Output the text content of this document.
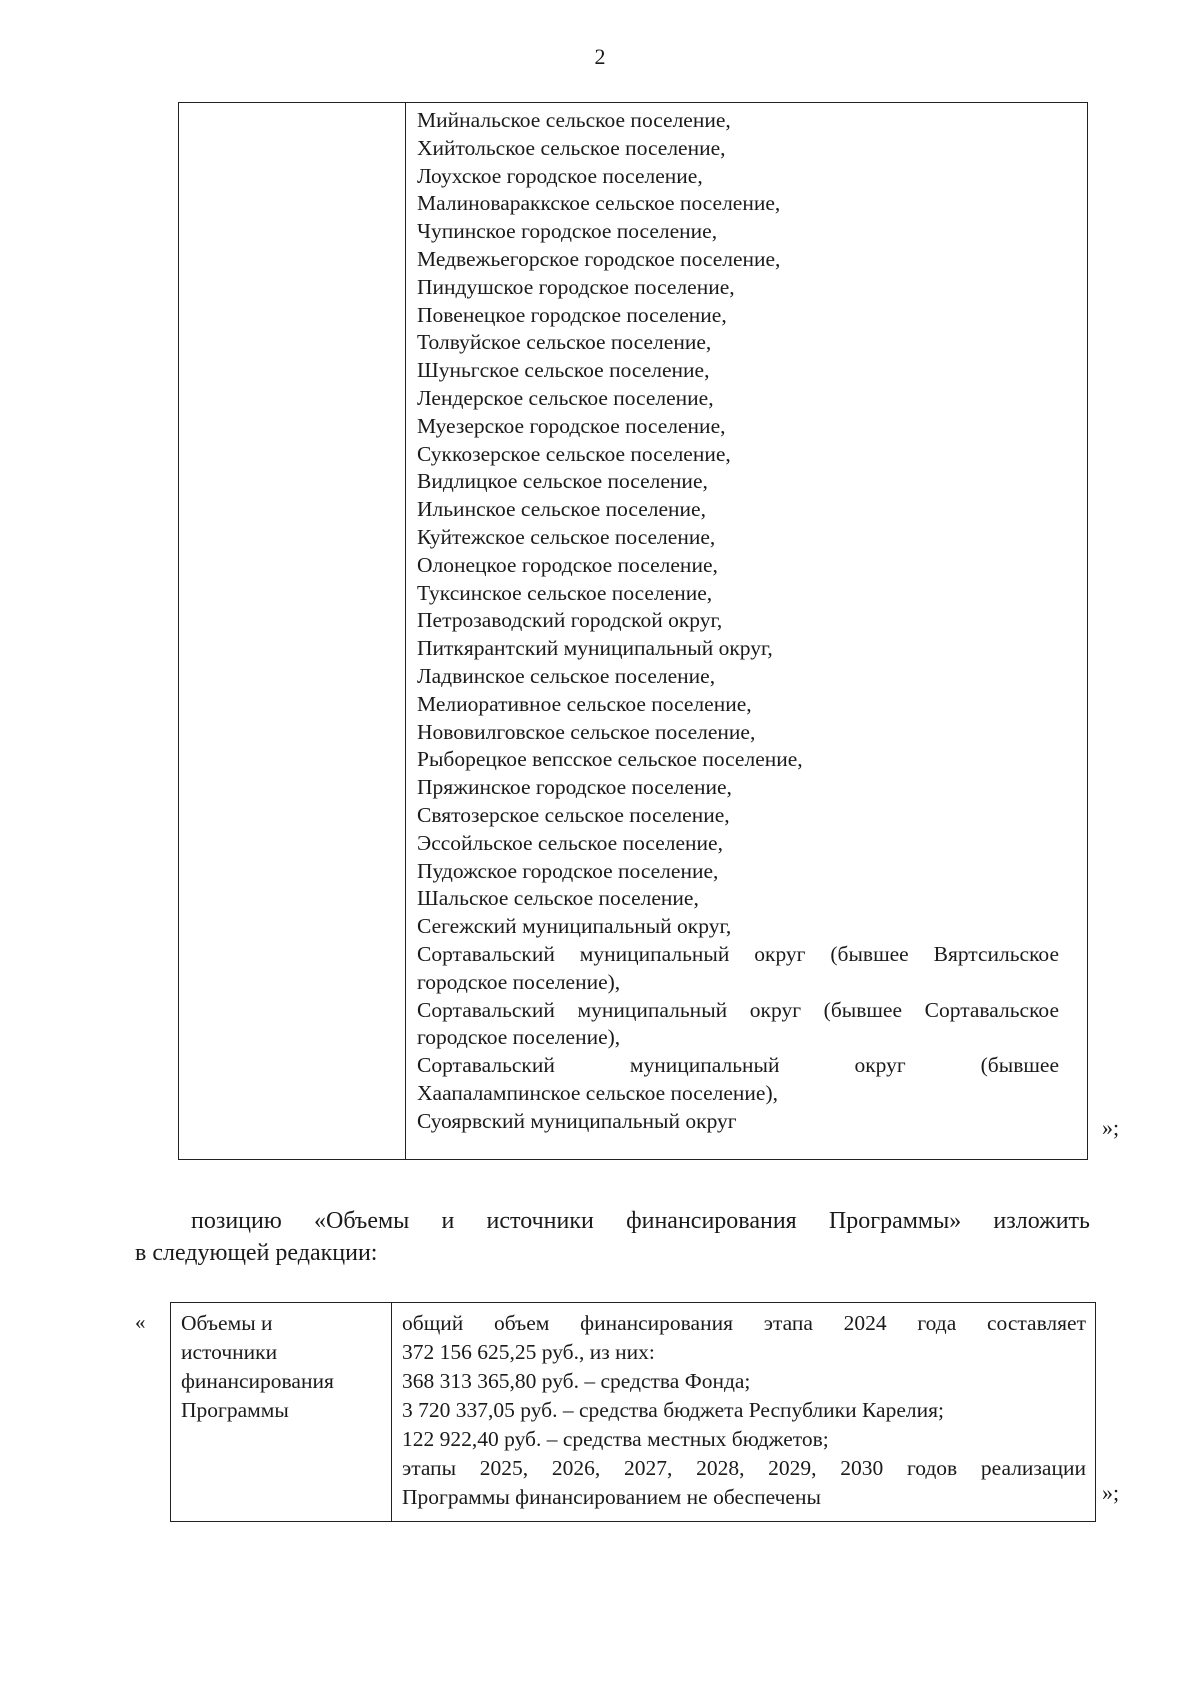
2
Мийнальское сельское поселение,
Хийтольское сельское поселение,
Лоухское городское поселение,
Малиновараккское сельское поселение,
Чупинское городское поселение,
Медвежьегорское городское поселение,
Пиндушское городское поселение,
Повенецкое городское поселение,
Толвуйское сельское поселение,
Шуньгское сельское поселение,
Лендерское сельское поселение,
Муезерское городское поселение,
Суккозерское сельское поселение,
Видлицкое сельское поселение,
Ильинское сельское поселение,
Куйтежское сельское поселение,
Олонецкое городское поселение,
Туксинское сельское поселение,
Петрозаводский городской округ,
Питкярантский муниципальный округ,
Ладвинское сельское поселение,
Мелиоративное сельское поселение,
Нововилговское сельское поселение,
Рыборецкое вепсское сельское поселение,
Пряжинское городское поселение,
Святозерское сельское поселение,
Эссойльское сельское поселение,
Пудожское городское поселение,
Шальское сельское поселение,
Сегежский муниципальный округ,
Сортавальский муниципальный округ (бывшее Вяртсильское
городское поселение),
Сортавальский муниципальный округ (бывшее Сортавальское
городское поселение),
Сортавальский муниципальный округ (бывшее
Хаапалампинское сельское поселение),
Суоярвский муниципальный округ	»;
позицию «Объемы и источники финансирования Программы» изложить
в следующей редакции:
« Объемы и
источники
финансирования
Программы
общий объем финансирования этапа 2024 года составляет
372 156 625,25 руб., из них:
368 313 365,80 руб. – средства Фонда;
3 720 337,05 руб. – средства бюджета Республики Карелия;
122 922,40 руб. – средства местных бюджетов;
этапы 2025, 2026, 2027, 2028, 2029, 2030 годов реализации
Программы финансированием не обеспечены	»;
